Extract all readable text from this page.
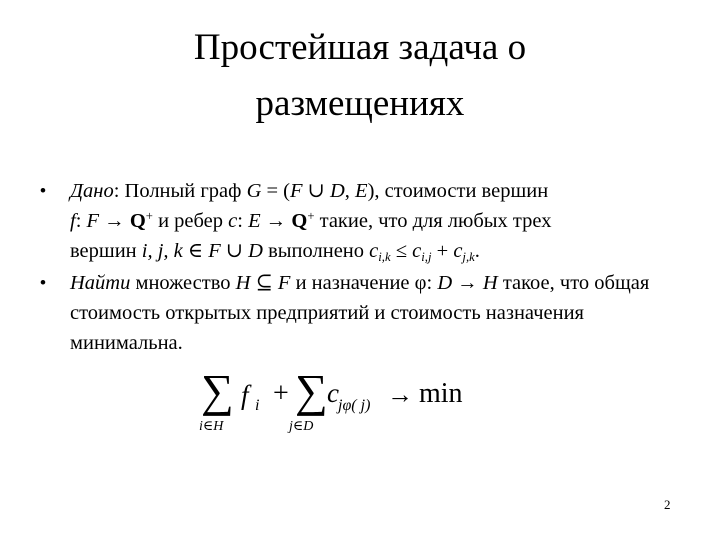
Простейшая задача о
размещениях
• Дано: Полный граф G = (F ∪ D, E), стоимости вершин
f: F → Q+ и ребер c: E → Q+ такие, что для любых трех
вершин i, j, k ∈ F ∪ D выполнено $c_{i,k} \le c_{i,j} + c_{j,k}$.
• Найти множество H ⊆ F и назначение φ: D → H такое, что общая стоимость открытых предприятий и стоимость назначения минимальна.
∑
i∈H
f i + ∑
j∈D
c jφ( j) → min
2
